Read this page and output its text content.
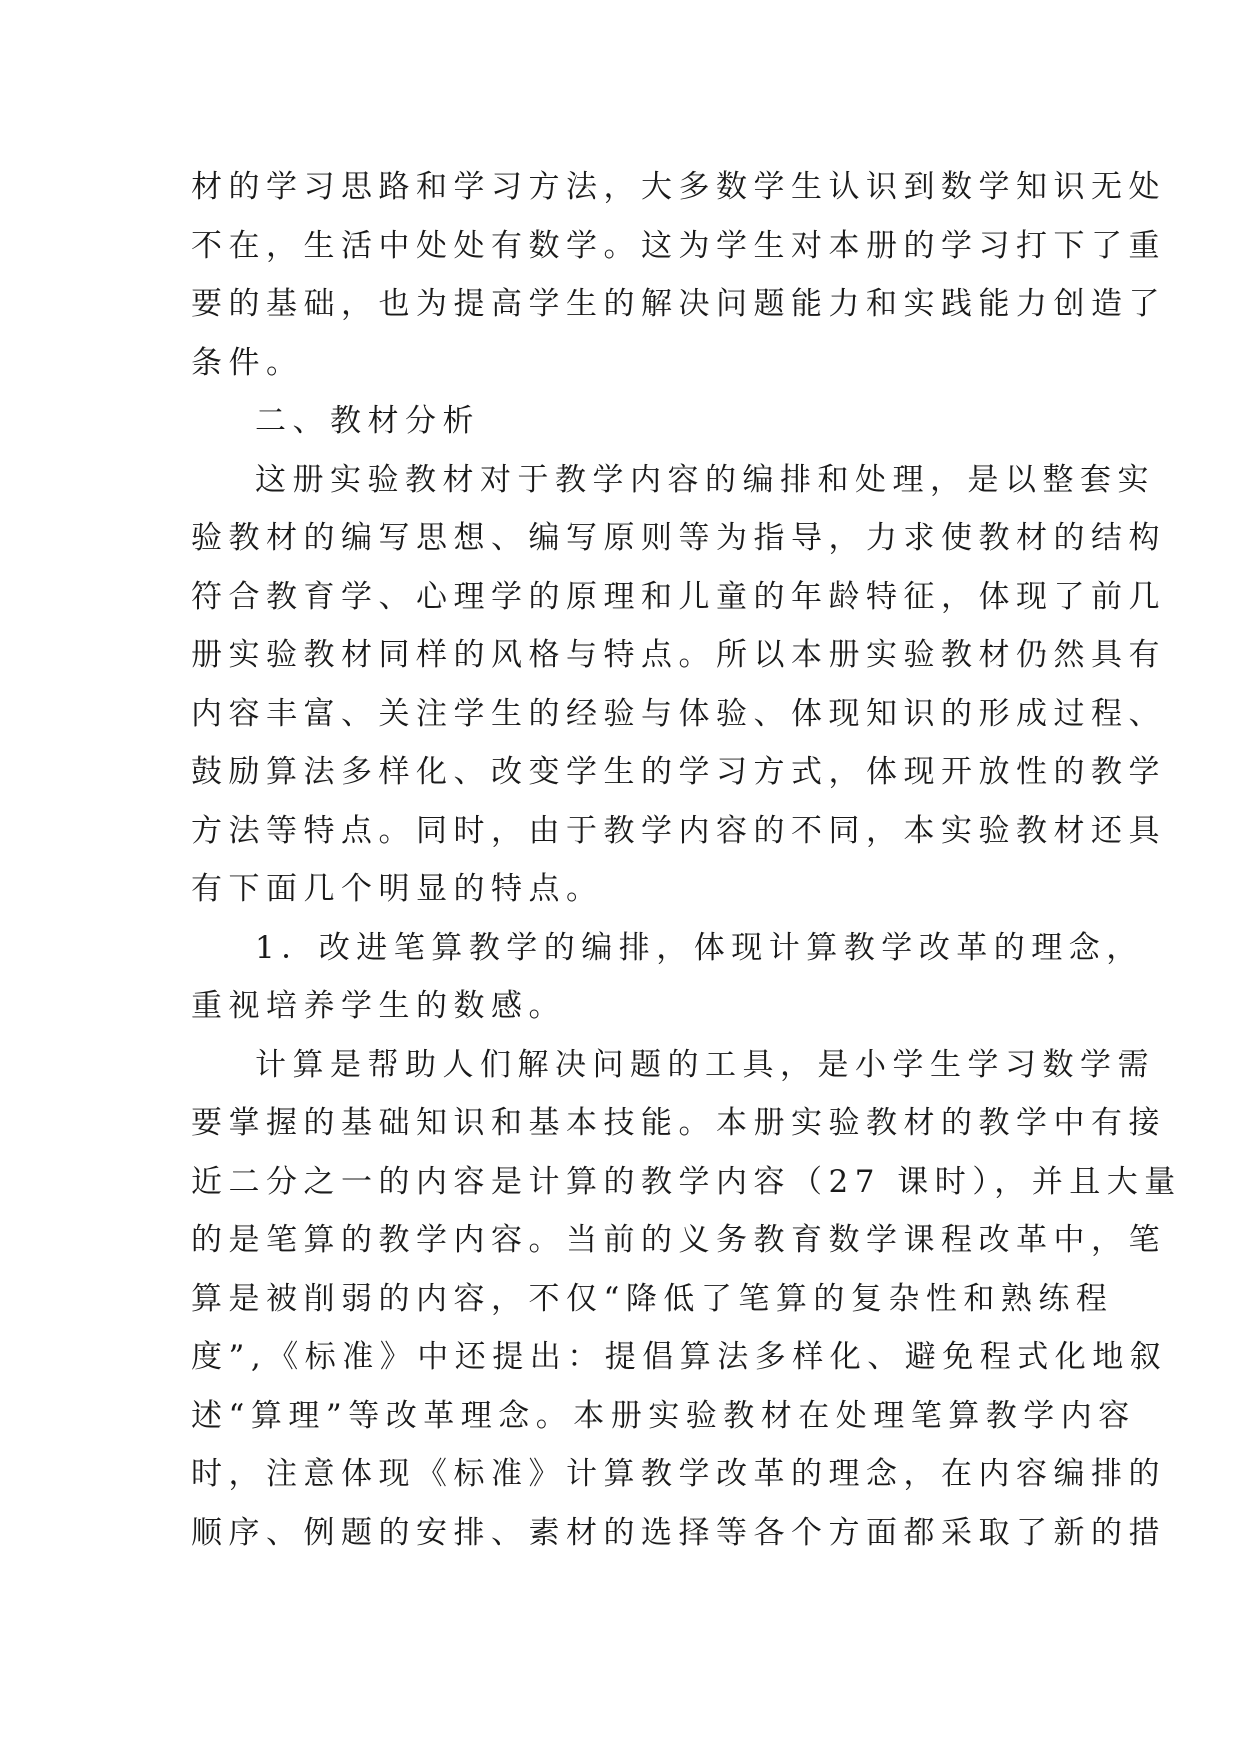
材的学习思路和学习方法，大多数学生认识到数学知识无处
不在，生活中处处有数学。这为学生对本册的学习打下了重
要的基础，也为提高学生的解决问题能力和实践能力创造了
条件。
二、教材分析
这册实验教材对于教学内容的编排和处理，是以整套实
验教材的编写思想、编写原则等为指导，力求使教材的结构
符合教育学、心理学的原理和儿童的年龄特征，体现了前几
册实验教材同样的风格与特点。所以本册实验教材仍然具有
内容丰富、关注学生的经验与体验、体现知识的形成过程、
鼓励算法多样化、改变学生的学习方式，体现开放性的教学
方法等特点。同时，由于教学内容的不同，本实验教材还具
有下面几个明显的特点。
1．改进笔算教学的编排，体现计算教学改革的理念，
重视培养学生的数感。
计算是帮助人们解决问题的工具，是小学生学习数学需
要掌握的基础知识和基本技能。本册实验教材的教学中有接
近二分之一的内容是计算的教学内容（27 课时），并且大量
的是笔算的教学内容。当前的义务教育数学课程改革中，笔
算是被削弱的内容，不仅“降低了笔算的复杂性和熟练程
度”,《标准》中还提出：提倡算法多样化、避免程式化地叙
述“算理”等改革理念。本册实验教材在处理笔算教学内容
时，注意体现《标准》计算教学改革的理念，在内容编排的
顺序、例题的安排、素材的选择等各个方面都采取了新的措
